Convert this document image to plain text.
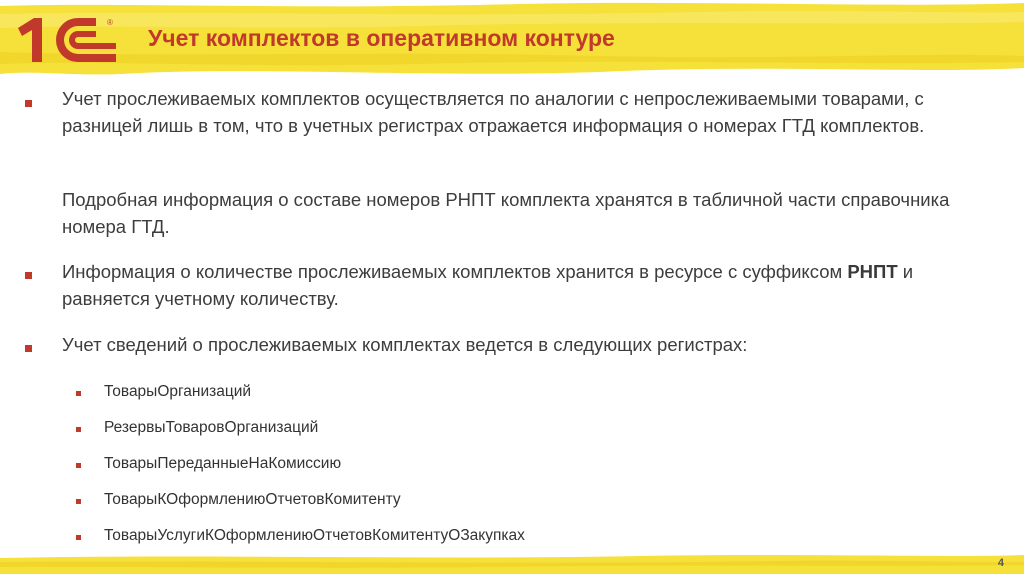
®
Учет комплектов в оперативном контуре

Учет прослеживаемых комплектов осуществляется по аналогии с непрослеживаемыми товарами, с разницей лишь в том, что в учетных регистрах отражается информация о номерах ГТД комплектов.

Подробная информация о составе номеров РНПТ комплекта хранятся в табличной части справочника номера ГТД.

Информация о количестве прослеживаемых комплектов хранится в ресурсе с суффиксом РНПТ и равняется учетному количеству.

Учет сведений о прослеживаемых комплектах ведется в следующих регистрах:

ТоварыОрганизаций

РезервыТоваровОрганизаций

ТоварыПереданныеНаКомиссию

ТоварыКОформлениюОтчетовКомитенту

ТоварыУслугиКОформлениюОтчетовКомитентуОЗакупках

4
